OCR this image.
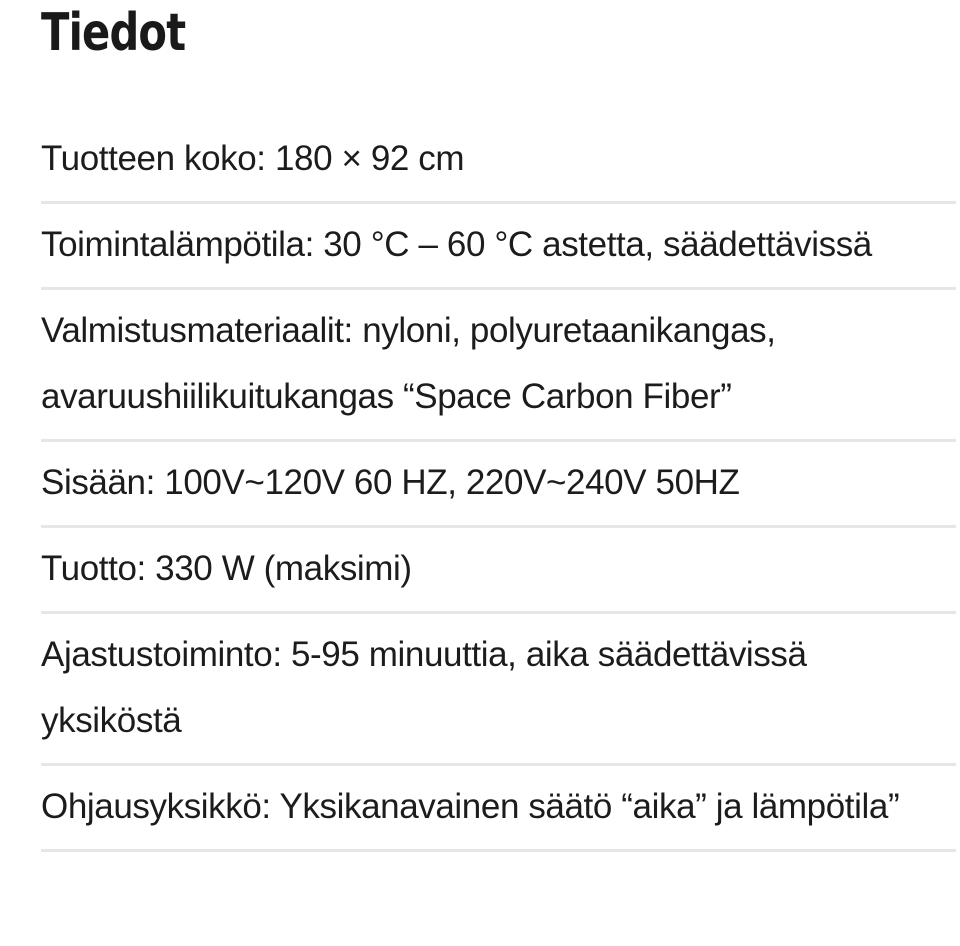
Tiedot
Tuotteen koko: 180 × 92 cm
Toimintalämpötila: 30 °C – 60 °C astetta, säädettävissä
Valmistusmateriaalit: nyloni, polyuretaanikangas, avaruushiilikuitukangas “Space Carbon Fiber”
Sisään: 100V~120V 60 HZ, 220V~240V 50HZ
Tuotto: 330 W (maksimi)
Ajastustoiminto: 5-95 minuuttia, aika säädettävissä yksiköstä
Ohjausyksikkö: Yksikanavainen säätö “aika” ja lämpötila”
